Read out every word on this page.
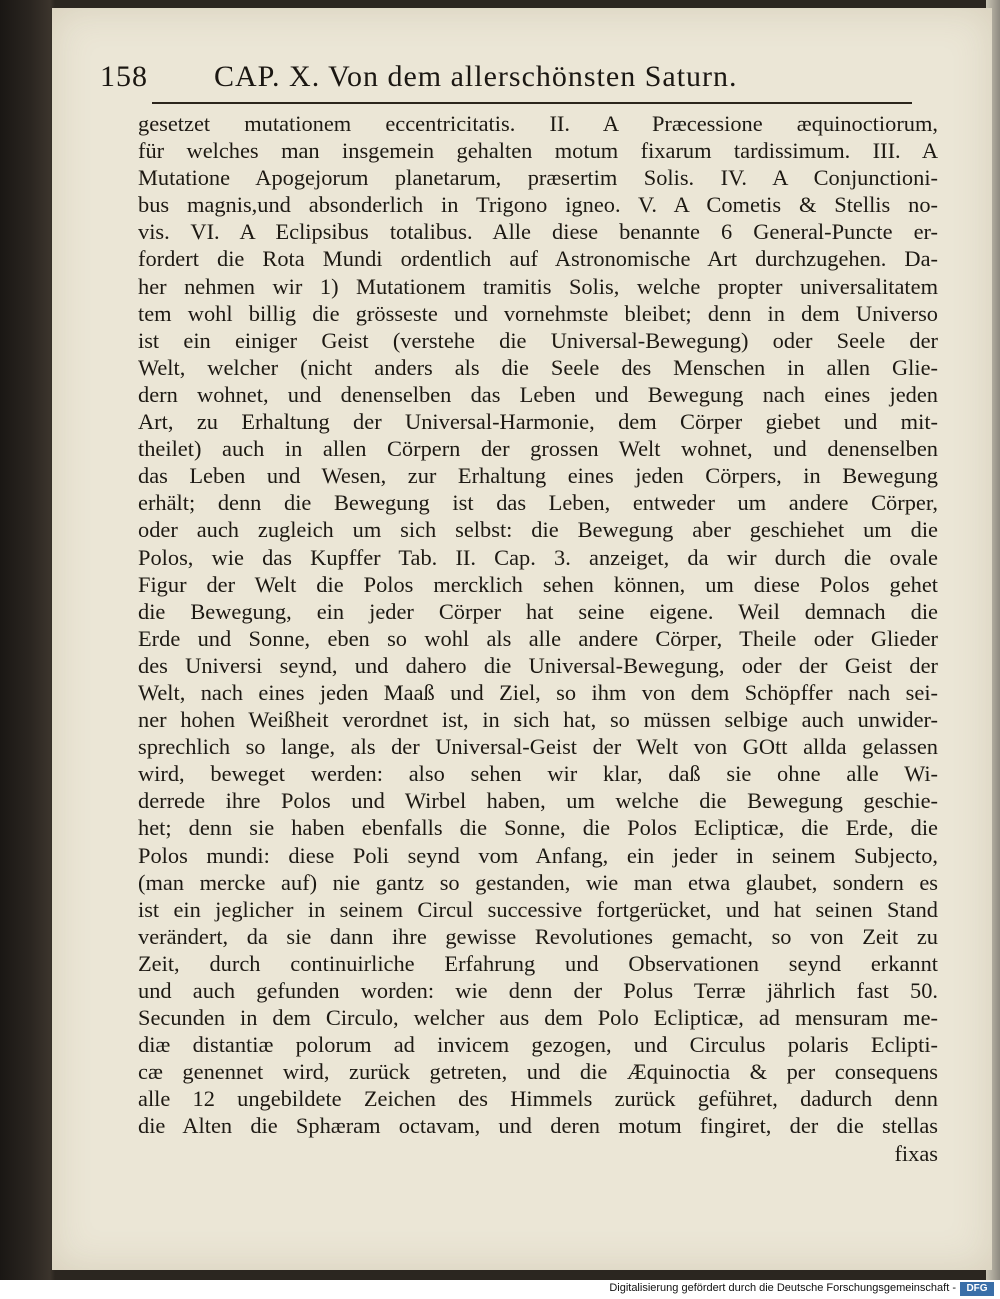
158 CAP. X. Von dem allerschönsten Saturn.
gesetzet mutationem eccentricitatis. II. A Præcessione æquinoctiorum,
für welches man insgemein gehalten motum fixarum tardissimum. III. A
Mutatione Apogejorum planetarum, præsertim Solis. IV. A Conjunctioni-
bus magnis,und absonderlich in Trigono igneo. V. A Cometis & Stellis no-
vis. VI. A Eclipsibus totalibus. Alle diese benannte 6 General-Puncte er-
fordert die Rota Mundi ordentlich auf Astronomische Art durchzugehen. Da-
her nehmen wir 1) Mutationem tramitis Solis, welche propter universalitatem
tem wohl billig die grösseste und vornehmste bleibet; denn in dem Universo
ist ein einiger Geist (verstehe die Universal-Bewegung) oder Seele der
Welt, welcher (nicht anders als die Seele des Menschen in allen Glie-
dern wohnet, und denenselben das Leben und Bewegung nach eines jeden
Art, zu Erhaltung der Universal-Harmonie, dem Cörper giebet und mit-
theilet) auch in allen Cörpern der grossen Welt wohnet, und denenselben
das Leben und Wesen, zur Erhaltung eines jeden Cörpers, in Bewegung
erhält; denn die Bewegung ist das Leben, entweder um andere Cörper,
oder auch zugleich um sich selbst: die Bewegung aber geschiehet um die
Polos, wie das Kupffer Tab. II. Cap. 3. anzeiget, da wir durch die ovale
Figur der Welt die Polos mercklich sehen können, um diese Polos gehet
die Bewegung, ein jeder Cörper hat seine eigene. Weil demnach die
Erde und Sonne, eben so wohl als alle andere Cörper, Theile oder Glieder
des Universi seynd, und dahero die Universal-Bewegung, oder der Geist der
Welt, nach eines jeden Maaß und Ziel, so ihm von dem Schöpffer nach sei-
ner hohen Weißheit verordnet ist, in sich hat, so müssen selbige auch unwider-
sprechlich so lange, als der Universal-Geist der Welt von GOtt allda gelassen
wird, beweget werden: also sehen wir klar, daß sie ohne alle Wi-
derrede ihre Polos und Wirbel haben, um welche die Bewegung geschie-
het; denn sie haben ebenfalls die Sonne, die Polos Eclipticæ, die Erde, die
Polos mundi: diese Poli seynd vom Anfang, ein jeder in seinem Subjecto,
(man mercke auf) nie gantz so gestanden, wie man etwa glaubet, sondern es
ist ein jeglicher in seinem Circul successive fortgerücket, und hat seinen Stand
verändert, da sie dann ihre gewisse Revolutiones gemacht, so von Zeit zu
Zeit, durch continuirliche Erfahrung und Observationen seynd erkannt
und auch gefunden worden: wie denn der Polus Terræ jährlich fast 50.
Secunden in dem Circulo, welcher aus dem Polo Eclipticæ, ad mensuram me-
diæ distantiæ polorum ad invicem gezogen, und Circulus polaris Eclipti-
cæ genennet wird, zurück getreten, und die Æquinoctia & per consequens
alle 12 ungebildete Zeichen des Himmels zurück geführet, dadurch denn
die Alten die Sphæram octavam, und deren motum fingiret, der die stellas
fixas
Digitalisierung gefördert durch die Deutsche Forschungsgemeinschaft -	DFG
